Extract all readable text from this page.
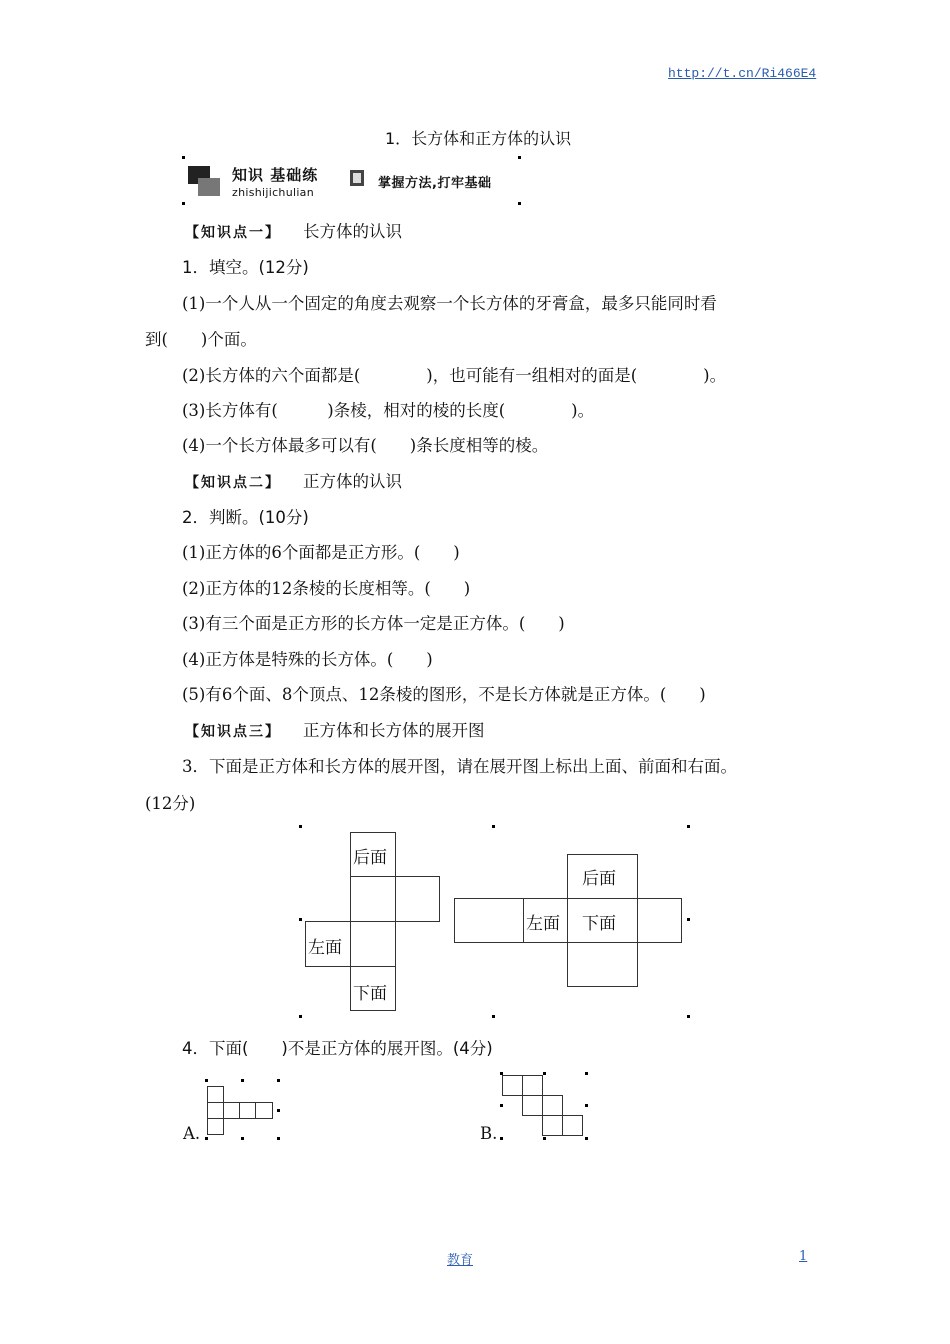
http://t.cn/Ri466E4
1．长方体和正方体的认识
知识 基础练
zhishijichulian
掌握方法,打牢基础
【知识点一】 长方体的认识
1．填空。(12分)
(1)一个人从一个固定的角度去观察一个长方体的牙膏盒，最多只能同时看
到(　　)个面。
(2)长方体的六个面都是(　　　　)，也可能有一组相对的面是(　　　　)。
(3)长方体有(　　　)条棱，相对的棱的长度(　　　　)。
(4)一个长方体最多可以有(　　)条长度相等的棱。
【知识点二】 正方体的认识
2．判断。(10分)
(1)正方体的6个面都是正方形。(　　)
(2)正方体的12条棱的长度相等。(　　)
(3)有三个面是正方形的长方体一定是正方体。(　　)
(4)正方体是特殊的长方体。(　　)
(5)有6个面、8个顶点、12条棱的图形，不是长方体就是正方体。(　　)
【知识点三】 正方体和长方体的展开图
3．下面是正方体和长方体的展开图，请在展开图上标出上面、前面和右面。
(12分)
后面
左面
下面
后面
左面 下面
4．下面(　　)不是正方体的展开图。(4分)
A.	B.
教育	1
